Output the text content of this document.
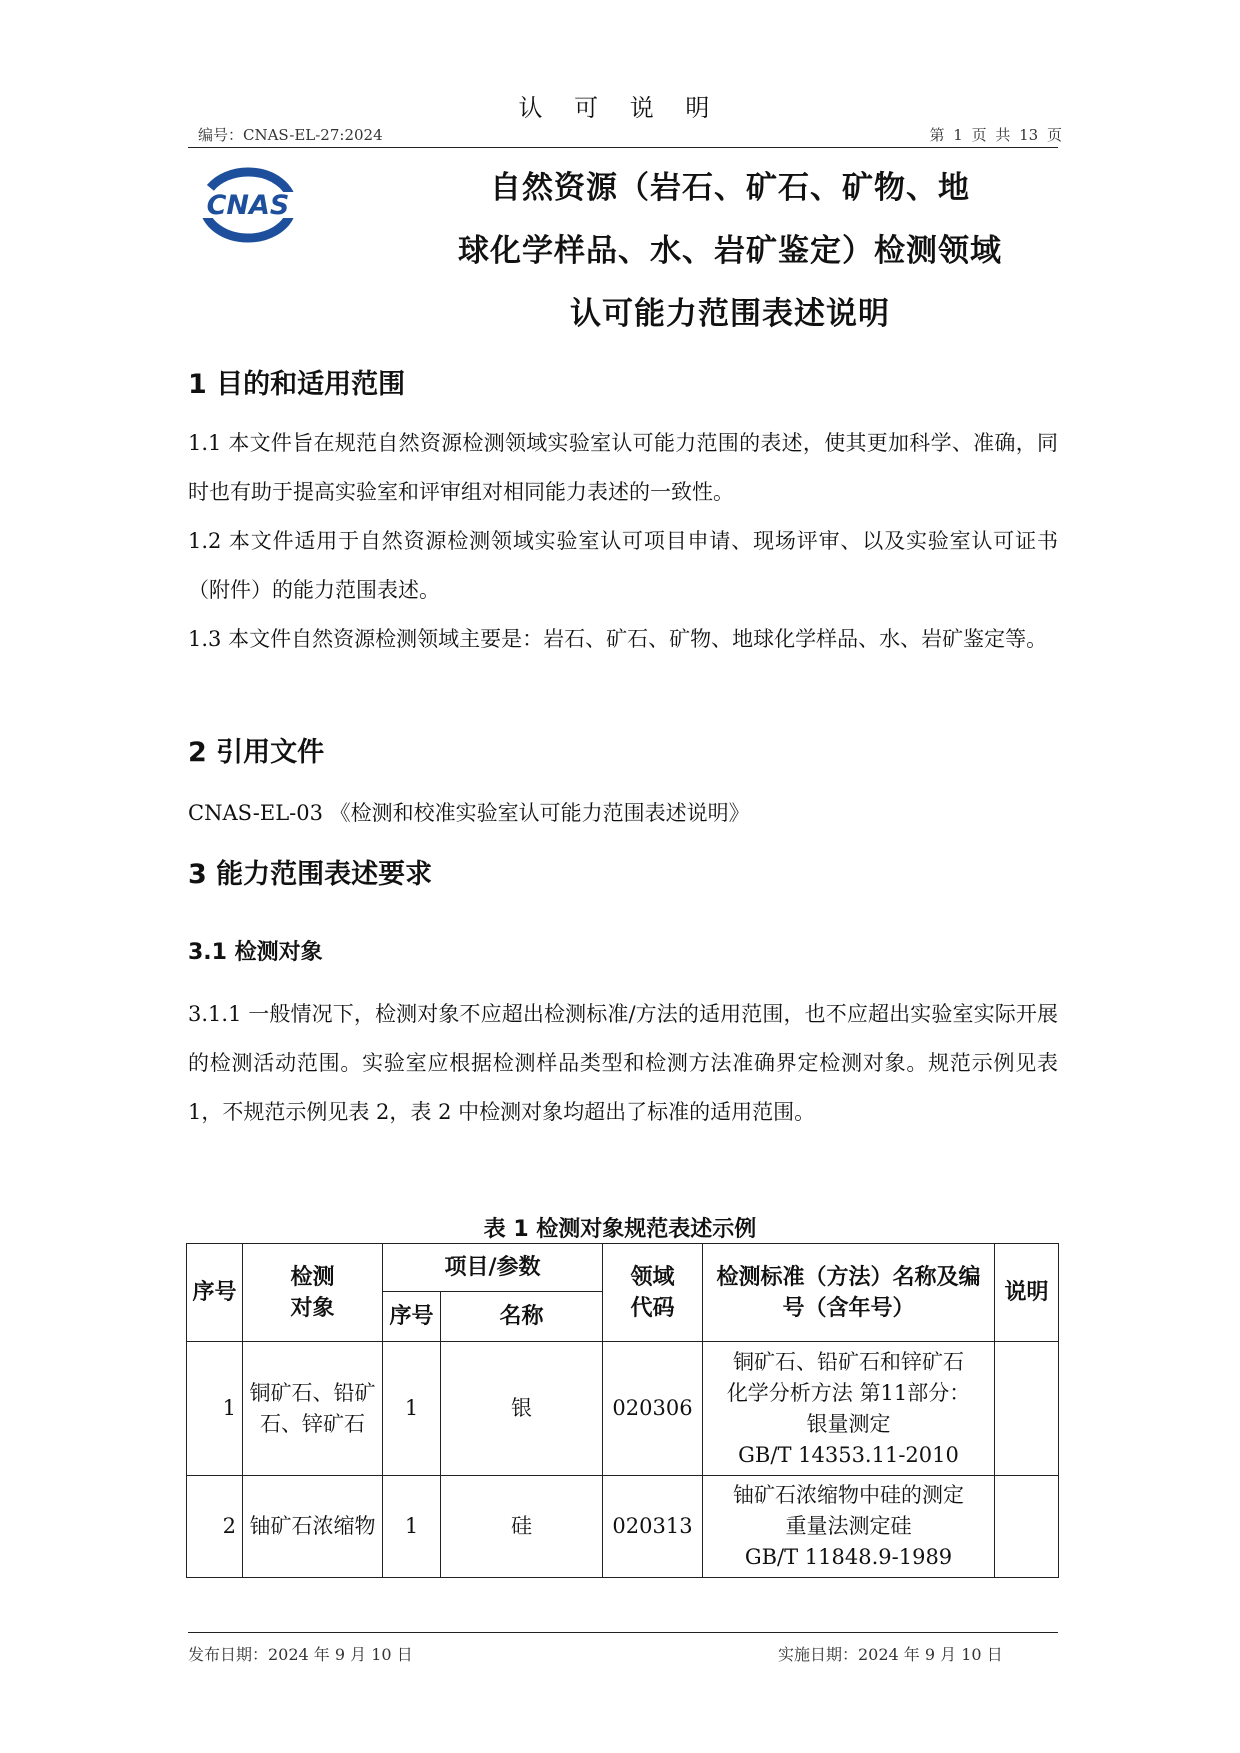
认 可 说 明
编号：CNAS-EL-27:2024	第 1 页 共 13 页
CNAS	自然资源（岩石、矿石、矿物、地
球化学样品、水、岩矿鉴定）检测领域
认可能力范围表述说明
1 目的和适用范围
1.1 本文件旨在规范自然资源检测领域实验室认可能力范围的表述，使其更加科学、准确，同时也有助于提高实验室和评审组对相同能力表述的一致性。
1.2 本文件适用于自然资源检测领域实验室认可项目申请、现场评审、以及实验室认可证书（附件）的能力范围表述。
1.3 本文件自然资源检测领域主要是：岩石、矿石、矿物、地球化学样品、水、岩矿鉴定等。
2 引用文件
CNAS-EL-03 《检测和校准实验室认可能力范围表述说明》
3 能力范围表述要求
3.1 检测对象
3.1.1 一般情况下，检测对象不应超出检测标准/方法的适用范围，也不应超出实验室实际开展的检测活动范围。实验室应根据检测样品类型和检测方法准确界定检测对象。规范示例见表 1，不规范示例见表 2，表 2 中检测对象均超出了标准的适用范围。
表 1 检测对象规范表述示例
序号	检测对象	项目/参数		领域代码	检测标准（方法）名称及编号（含年号）	说明
		序号	名称			
1	铜矿石、铅矿石、锌矿石	1	银	020306	铜矿石、铅矿石和锌矿石
化学分析方法 第11部分：
银量测定
GB/T 14353.11-2010	

2	铀矿石浓缩物	1	硅	020313	铀矿石浓缩物中硅的测定
重量法测定硅
GB/T 11848.9-1989	

发布日期：2024 年 9 月 10 日	实施日期：2024 年 9 月 10 日
